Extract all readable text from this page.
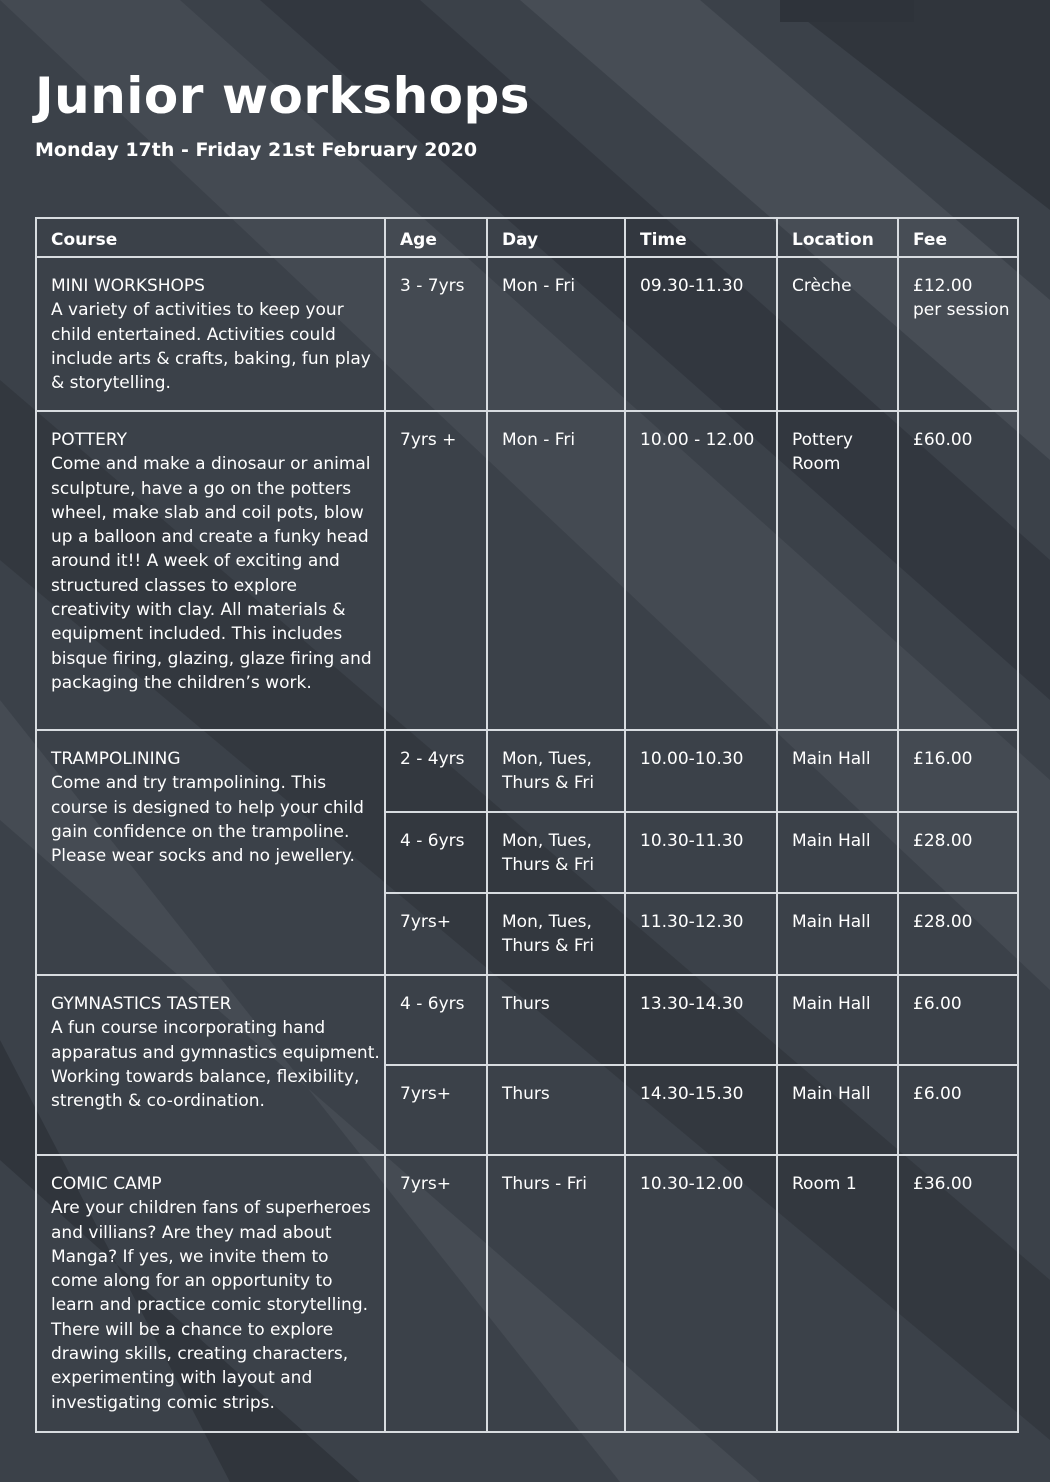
Junior workshops

Monday 17th - Friday 21st February 2020

Course	Age	Day	Time	Location	Fee

MINI WORKSHOPS
A variety of activities to keep your child entertained. Activities could include arts & crafts, baking, fun play & storytelling.	3 - 7yrs	Mon - Fri	09.30-11.30	Crèche	£12.00
per session

POTTERY
Come and make a dinosaur or animal sculpture, have a go on the potters wheel, make slab and coil pots, blow up a balloon and create a funky head around it!! A week of exciting and structured classes to explore creativity with clay. All materials & equipment included. This includes bisque firing, glazing, glaze firing and packaging the children’s work.	7yrs +	Mon - Fri	10.00 - 12.00	Pottery Room	£60.00

TRAMPOLINING
Come and try trampolining. This course is designed to help your child gain confidence on the trampoline. Please wear socks and no jewellery.	2 - 4yrs	Mon, Tues, Thurs & Fri	10.00-10.30	Main Hall	£16.00
	4 - 6yrs	Mon, Tues, Thurs & Fri	10.30-11.30	Main Hall	£28.00
	7yrs+	Mon, Tues, Thurs & Fri	11.30-12.30	Main Hall	£28.00

GYMNASTICS TASTER
A fun course incorporating hand apparatus and gymnastics equipment. Working towards balance, flexibility, strength & co-ordination.	4 - 6yrs	Thurs	13.30-14.30	Main Hall	£6.00
	7yrs+	Thurs	14.30-15.30	Main Hall	£6.00

COMIC CAMP
Are your children fans of superheroes and villians? Are they mad about Manga? If yes, we invite them to come along for an opportunity to learn and practice comic storytelling. There will be a chance to explore drawing skills, creating characters, experimenting with layout and investigating comic strips.	7yrs+	Thurs - Fri	10.30-12.00	Room 1	£36.00
